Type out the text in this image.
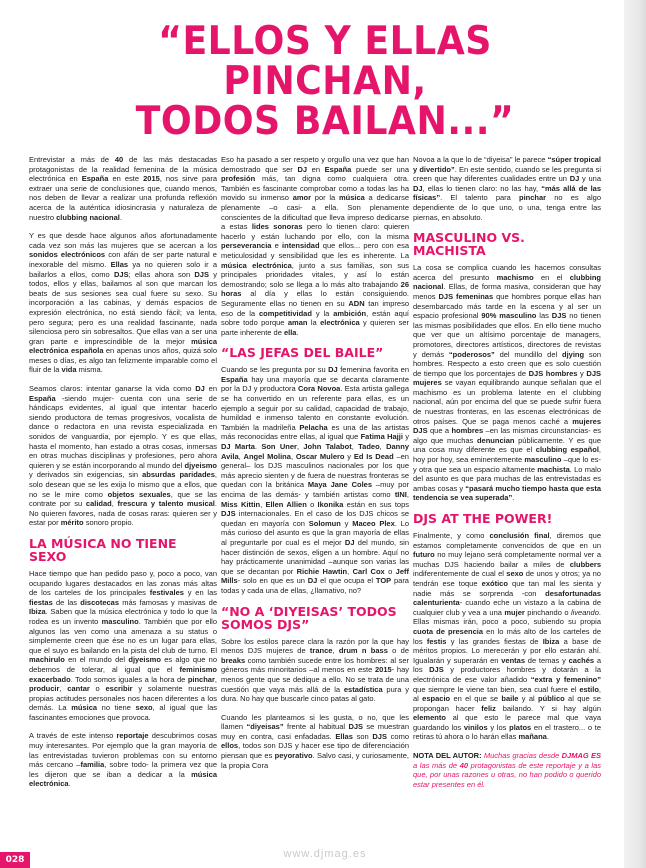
“ELLOS Y ELLAS PINCHAN,
TODOS BAILAN...”

Entrevistar a más de 40 de las más destacadas protagonistas de la realidad femenina de la música electrónica en España en este 2015, nos sirve para extraer una serie de conclusiones que, cuando menos, nos deben de llevar a realizar una profunda reflexión acerca de la auténtica idiosincrasia y naturaleza de nuestro clubbing nacional.

Y es que desde hace algunos años afortunadamente cada vez son más las mujeres que se acercan a los sonidos electrónicos con afán de ser parte natural e inexorable del mismo. Ellas ya no quieren solo ir a bailarlos a ellos, como DJS; ellas ahora son DJS y todos, ellos y ellas, bailamos al son que marcan los beats de sus sesiones sea cual fuere su sexo. Su incorporación a las cabinas, y demás espacios de expresión electrónica, no está siendo fácil; va lenta, pero segura; pero es una realidad fascinante, nada silenciosa pero sin sobresaltos. Que ellas van a ser una gran parte e imprescindible de la mejor música electrónica española en apenas unos años, quizá solo meses o días, es algo tan felizmente imparable como el fluir de la vida misma.

Seamos claros: intentar ganarse la vida como DJ en España -siendo mujer- cuenta con una serie de hándicaps evidentes, al igual que intentar hacerlo siendo productora de temas progresivos, vocalista de dance o redactora en una revista especializada en sonidos de vanguardia, por ejemplo. Y es que ellas, hasta el momento, han estado a otras cosas, inmersas en otras muchas disciplinas y profesiones, pero ahora quieren y se están incorporando al mundo del djyeismo y derivados sin exigencias, sin absurdas paridades, solo desean que se les exija lo mismo que a ellos, que no se le mire como objetos sexuales, que se las contrate por su calidad, frescura y talento musical. No quieren favores, nada de cosas raras: quieren ser y estar por mérito sonoro propio.

LA MÚSICA NO TIENE SEXO

Hace tiempo que han pedido paso y, poco a poco, van ocupando lugares destacados en las zonas más altas de los carteles de los principales festivales y en las fiestas de las discotecas más famosas y masivas de Ibiza. Saben que la música electrónica y todo lo que la rodea es un invento masculino. También que por ello algunos las ven como una amenaza a su status o simplemente creen que ése no es un lugar para ellas, que el suyo es bailando en la pista del club de turno. El machirulo en el mundo del djyeismo es algo que no debemos de tolerar, al igual que el feminismo exacerbado. Todo somos iguales a la hora de pinchar, producir, cantar o escribir y solamente nuestras propias actitudes personales nos hacen diferentes a los demás. La música no tiene sexo, al igual que las fascinantes emociones que provoca.

A través de este intenso reportaje descubrimos cosas muy interesantes. Por ejemplo que la gran mayoría de las entrevistadas tuvieron problemas con su entorno más cercano –familia, sobre todo- la primera vez que les dijeron que se iban a dedicar a la música electrónica.

Eso ha pasado a ser respeto y orgullo una vez que han demostrado que ser DJ en España puede ser una profesión más, tan digna como cualquiera otra. También es fascinante comprobar como a todas las ha movido su inmenso amor por la música a dedicarse plenamente –o casi- a ella. Son plenamente conscientes de la dificultad que lleva impreso dedicarse a estas lides sonoras pero lo tienen claro: quieren hacerlo y están luchando por ello, con la misma perseverancia e intensidad que ellos... pero con esa meticulosidad y sensibilidad que les es inherente. La música electrónica, junto a sus familias, son sus principales prioridades vitales, y así lo están demostrando; solo se llega a lo más alto trabajando 26 horas al día y ellas lo están consiguiendo. Seguramente ellas no tienen en su ADN tan impreso eso de la competitividad y la ambición, están aquí sobre todo porque aman la electrónica y quieren ser parte inherente de ella.

“LAS JEFAS DEL BAILE”

Cuando se les pregunta por su DJ femenina favorita en España hay una mayoría que se decanta claramente por la DJ y productora Cora Novoa. Esta artista gallega se ha convertido en un referente para ellas, es un ejemplo a seguir por su calidad, capacidad de trabajo, humildad e inmenso talento en constante evolución. También la madrileña Pelacha es una de las artistas más reconocidas entre ellas, al igual que Fatima Hajji y DJ Marta. Son Uner, John Talabot, Tadeo, Danny Avila, Angel Molina, Oscar Mulero y Ed Is Dead –en general– los DJS masculinos nacionales por los que más aprecio sienten y de fuera de nuestras fronteras se quedan con la británica Maya Jane Coles –muy por encima de las demás- y también artistas como tINI, Miss Kittin, Ellen Allien o Ikonika están en sus tops DJS internacionales. En el caso de los DJS chicos se quedan en mayoría con Solomun y Maceo Plex. Lo más curioso del asunto es que la gran mayoría de ellas al preguntarle por cual es el mejor DJ del mundo, sin hacer distinción de sexos, eligen a un hombre. Aquí no hay prácticamente unanimidad –aunque son varias las que se decantan por Richie Hawtin, Carl Cox o Jeff Mills- solo en que es un DJ el que ocupa el TOP para todas y cada una de ellas, ¿llamativo, no?

“NO A ‘DIYEISAS’ TODOS SOMOS DJS”

Sobre los estilos parece clara la razón por la que hay menos DJS mujeres de trance, drum n bass o de breaks como también sucede entre los hombres: al ser géneros más minoritarios –al menos en este 2015- hay menos gente que se dedique a ello. No se trata de una cuestión que vaya más allá de la estadística pura y dura. No hay que buscarle cinco patas al gato.

Cuando les planteamos si les gusta, o no, que les llamen “diyeisas” frente al habitual DJS se muestran muy en contra, casi enfadadas. Ellas son DJS como ellos, todos son DJS y hacer ese tipo de diferenciación piensan que es peyorativo. Salvo casi, y curiosamente, la propia Cora

Novoa a la que lo de “diyeisa” le parece “súper tropical y divertido”. En este sentido, cuando se les pregunta si creen que hay diferentes cualidades entre un DJ y una DJ, ellas lo tienen claro: no las hay, “más allá de las físicas”. El talento para pinchar no es algo dependiente de lo que uno, o una, tenga entre las piernas, en absoluto.

MASCULINO VS. MACHISTA

La cosa se complica cuando les hacemos consultas acerca del presunto machismo en el clubbing nacional. Ellas, de forma masiva, consideran que hay menos DJS femeninas que hombres porque ellas han desembarcado más tarde en la escena y al ser un espacio profesional 90% masculino las DJS no tienen las mismas posibilidades que ellos. En ello tiene mucho que ver que un altísimo porcentaje de managers, promotores, directores artísticos, directores de revistas y demás “poderosos” del mundillo del djying son hombres. Respecto a esto creen que es solo cuestión de tiempo que los porcentajes de DJS hombres y DJS mujeres se vayan equilibrando aunque señalan que el machismo es un problema latente en el clubbing nacional, aún por encima del que se puede sufrir fuera de nuestras fronteras, en las escenas electrónicas de otros países. Que se paga menos caché a mujeres DJS que a hombres –en las mismas circunstancias- es algo que muchas denuncian públicamente. Y es que una cosa muy diferente es que el clubbing español, hoy por hoy, sea eminentemente masculino –que lo es- y otra que sea un espacio altamente machista. Lo malo del asunto es que para muchas de las entrevistadas es ambas cosas y “pasará mucho tiempo hasta que esta tendencia se vea superada”.

DJS AT THE POWER!

Finalmente, y como conclusión final, diremos que estamos completamente convencidos de que en un futuro no muy lejano será completamente normal ver a muchas DJS haciendo bailar a miles de clubbers indiferentemente de cual el sexo de unos y otros; ya no tendrán ese toque exótico que tan mal les sienta y nadie más se sorprenda -con desafortunadas calenturienta- cuando eche un vistazo a la cabina de cualquier club y vea a una mujer pinchando o liveando. Ellas mismas irán, poco a poco, subiendo su propia cuota de presencia en lo más alto de los carteles de los festis y las grandes fiestas de Ibiza a base de méritos propios. Lo merecerán y por ello estarán ahí. Igualarán y superarán en ventas de temas y cachés a los DJS y productores hombres y dotarán a la electrónica de ese valor añadido “extra y femenino” que siempre le viene tan bien, sea cual fuere el estilo, al espacio en el que se baile y al público al que se propongan hacer feliz bailando. Y si hay algún elemento al que esto le parece mal que vaya guardando los vinilos y los platos en el trastero... o te retiras tú ahora o lo harán ellas mañana.

NOTA DEL AUTOR: Muchas gracias desde DJMAG ES a las más de 40 protagonistas de este reportaje y a las que, por unas razones u otras, no han podido o querido estar presentes en él.

028	www.djmag.es
